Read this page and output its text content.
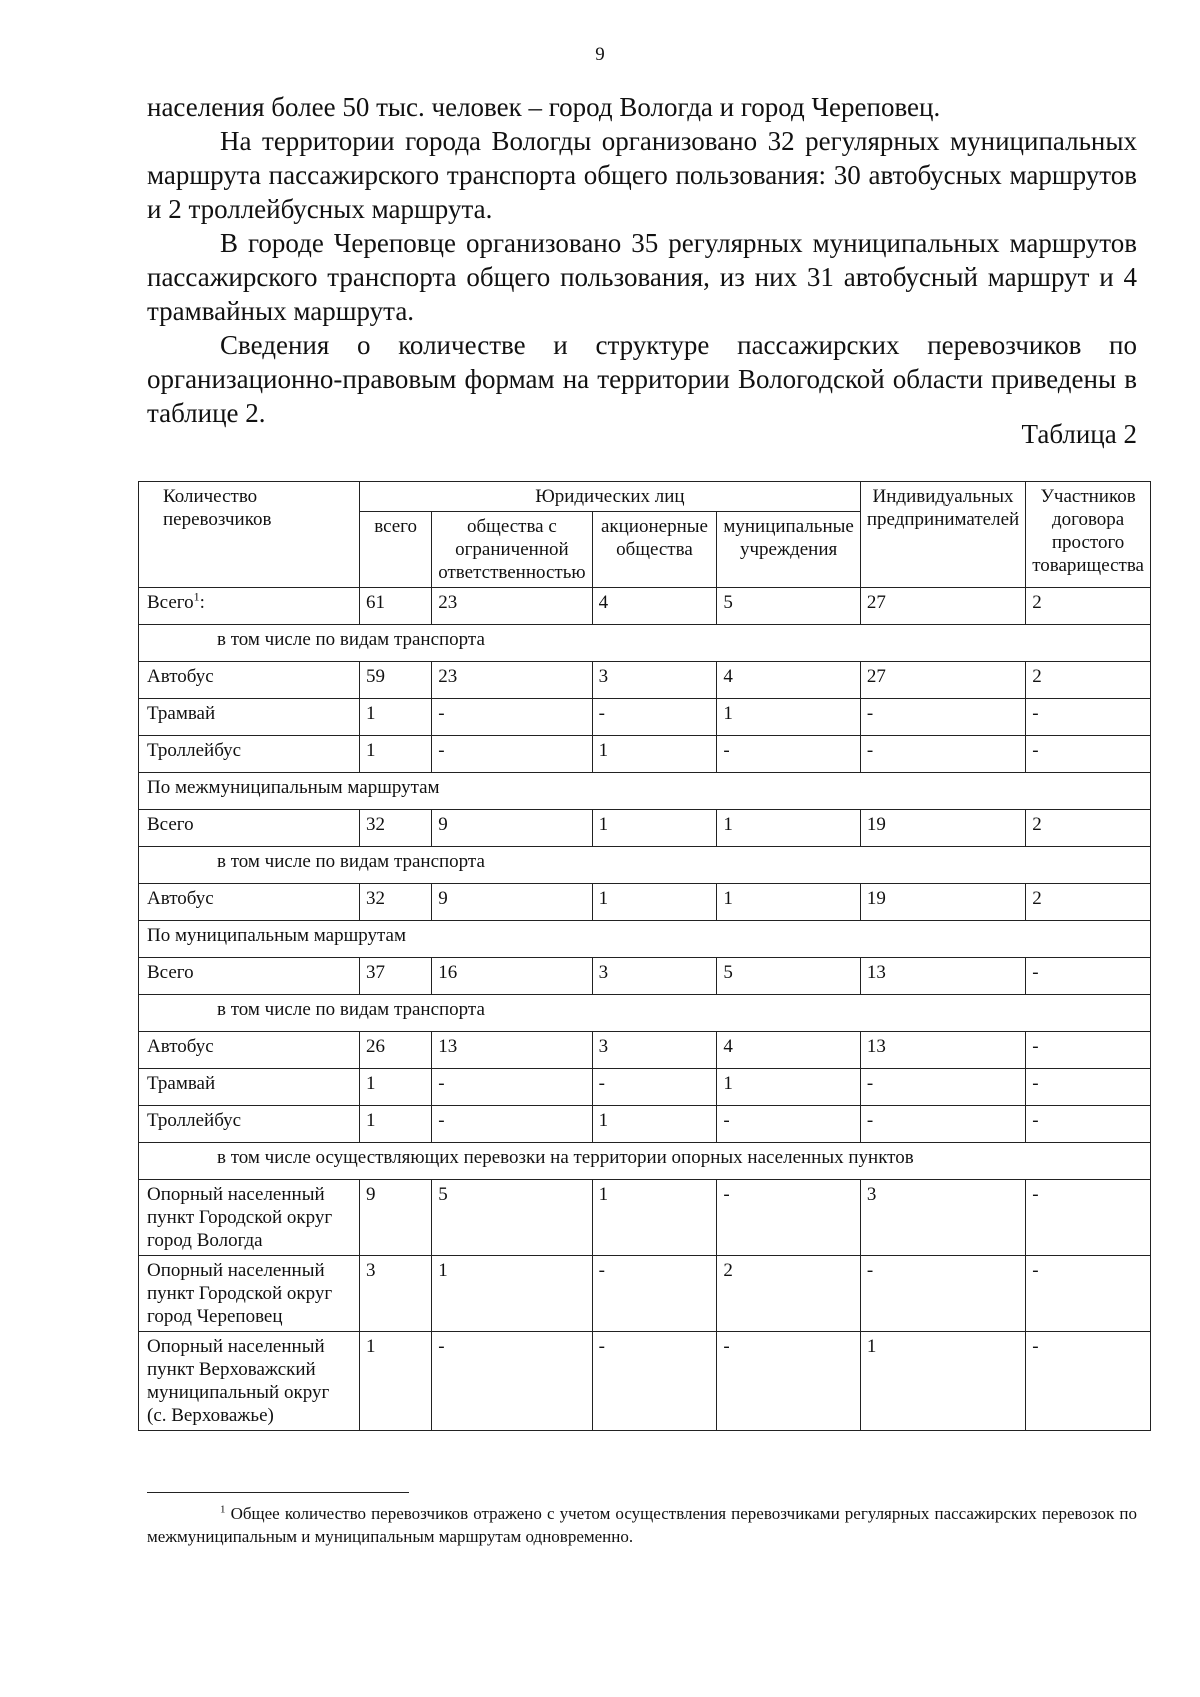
9

населения более 50 тыс. человек – город Вологда и город Череповец.

На территории города Вологды организовано 32 регулярных муниципальных маршрута пассажирского транспорта общего пользования: 30 автобусных маршрутов и 2 троллейбусных маршрута.

В городе Череповце организовано 35 регулярных муниципальных маршрутов пассажирского транспорта общего пользования, из них 31 автобусный маршрут и 4 трамвайных маршрута.

Сведения о количестве и структуре пассажирских перевозчиков по организационно-правовым формам на территории Вологодской области приведены в таблице 2.

Таблица 2
Количество перевозчиков	Юридических лиц				Индивидуальных предпринимателей	Участников договора простого товарищества
	всего	общества с ограниченной ответственностью	акционерные общества	муниципальные учреждения		
Всего$^1$:	61	23	4	5	27	2
в том числе по видам транспорта						
Автобус	59	23	3	4	27	2
Трамвай	1	-	-	1	-	-
Троллейбус	1	-	1	-	-	-
По межмуниципальным маршрутам						
Всего	32	9	1	1	19	2
в том числе по видам транспорта						
Автобус	32	9	1	1	19	2
По муниципальным маршрутам						
Всего	37	16	3	5	13	-
в том числе по видам транспорта						
Автобус	26	13	3	4	13	-
Трамвай	1	-	-	1	-	-
Троллейбус	1	-	1	-	-	-
в том числе осуществляющих перевозки на территории опорных населенных пунктов						
Опорный населенный пункт Городской округ город Вологда	9	5	1	-	3	-
Опорный населенный пункт Городской округ город Череповец	3	1	-	2	-	-
Опорный населенный пункт Верховажский муниципальный округ (с. Верховажье)	1	-	-	-	1	-
$^1$ Общее количество перевозчиков отражено с учетом осуществления перевозчиками регулярных пассажирских перевозок по межмуниципальным и муниципальным маршрутам одновременно.
